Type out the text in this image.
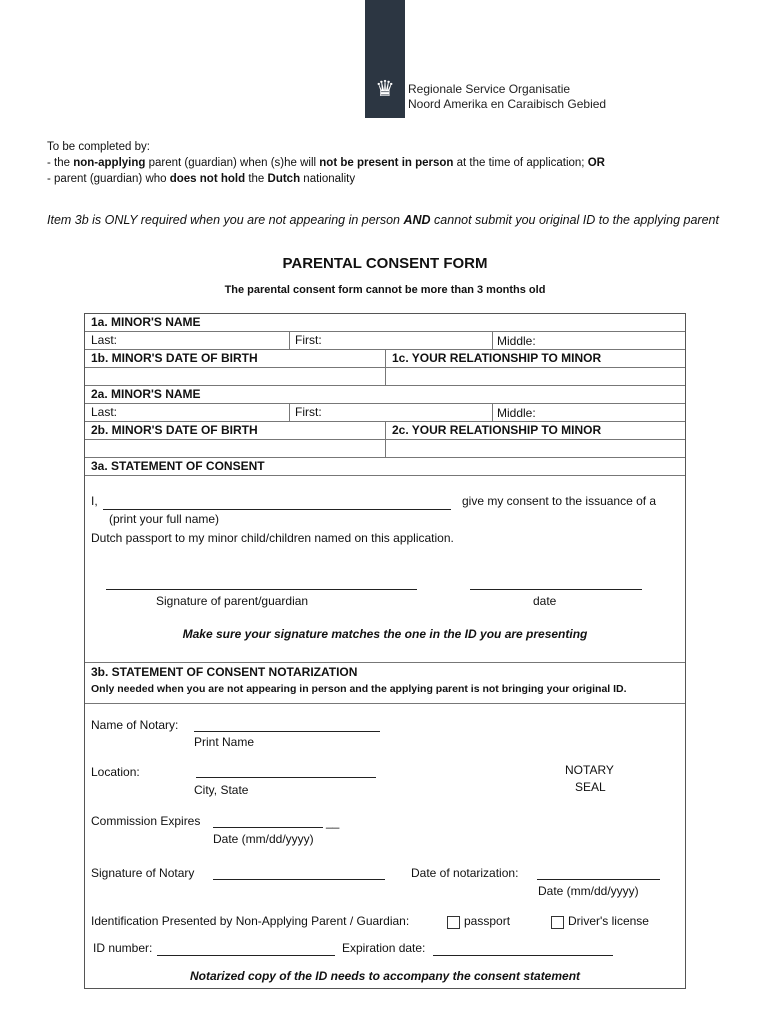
♛	Regionale Service Organisatie
Noord Amerika en Caraibisch Gebied
To be completed by:
- the non-applying parent (guardian) when (s)he will not be present in person at the time of application; OR
- parent (guardian) who does not hold the Dutch nationality
Item 3b is ONLY required when you are not appearing in person AND cannot submit you original ID to the applying parent
PARENTAL CONSENT FORM
The parental consent form cannot be more than 3 months old
1a. MINOR'S NAME
Last:	First:	Middle:
1b. MINOR'S DATE OF BIRTH	1c. YOUR RELATIONSHIP TO MINOR
2a. MINOR'S NAME
Last:	First:	Middle:
2b. MINOR'S DATE OF BIRTH	2c. YOUR RELATIONSHIP TO MINOR
3a. STATEMENT OF CONSENT
I,	give my consent to the issuance of a
(print your full name)
Dutch passport to my minor child/children named on this application.
Signature of parent/guardian	date
Make sure your signature matches the one in the ID you are presenting
3b. STATEMENT OF CONSENT NOTARIZATION
Only needed when you are not appearing in person and the applying parent is not bringing your original ID.
Name of Notary:
Print Name
Location:
City, State
NOTARY
SEAL
Commission Expires	__
Date (mm/dd/yyyy)
Signature of Notary	Date of notarization:
Date (mm/dd/yyyy)
Identification Presented by Non-Applying Parent / Guardian:	passport	Driver's license
ID number:	Expiration date:
Notarized copy of the ID needs to accompany the consent statement
